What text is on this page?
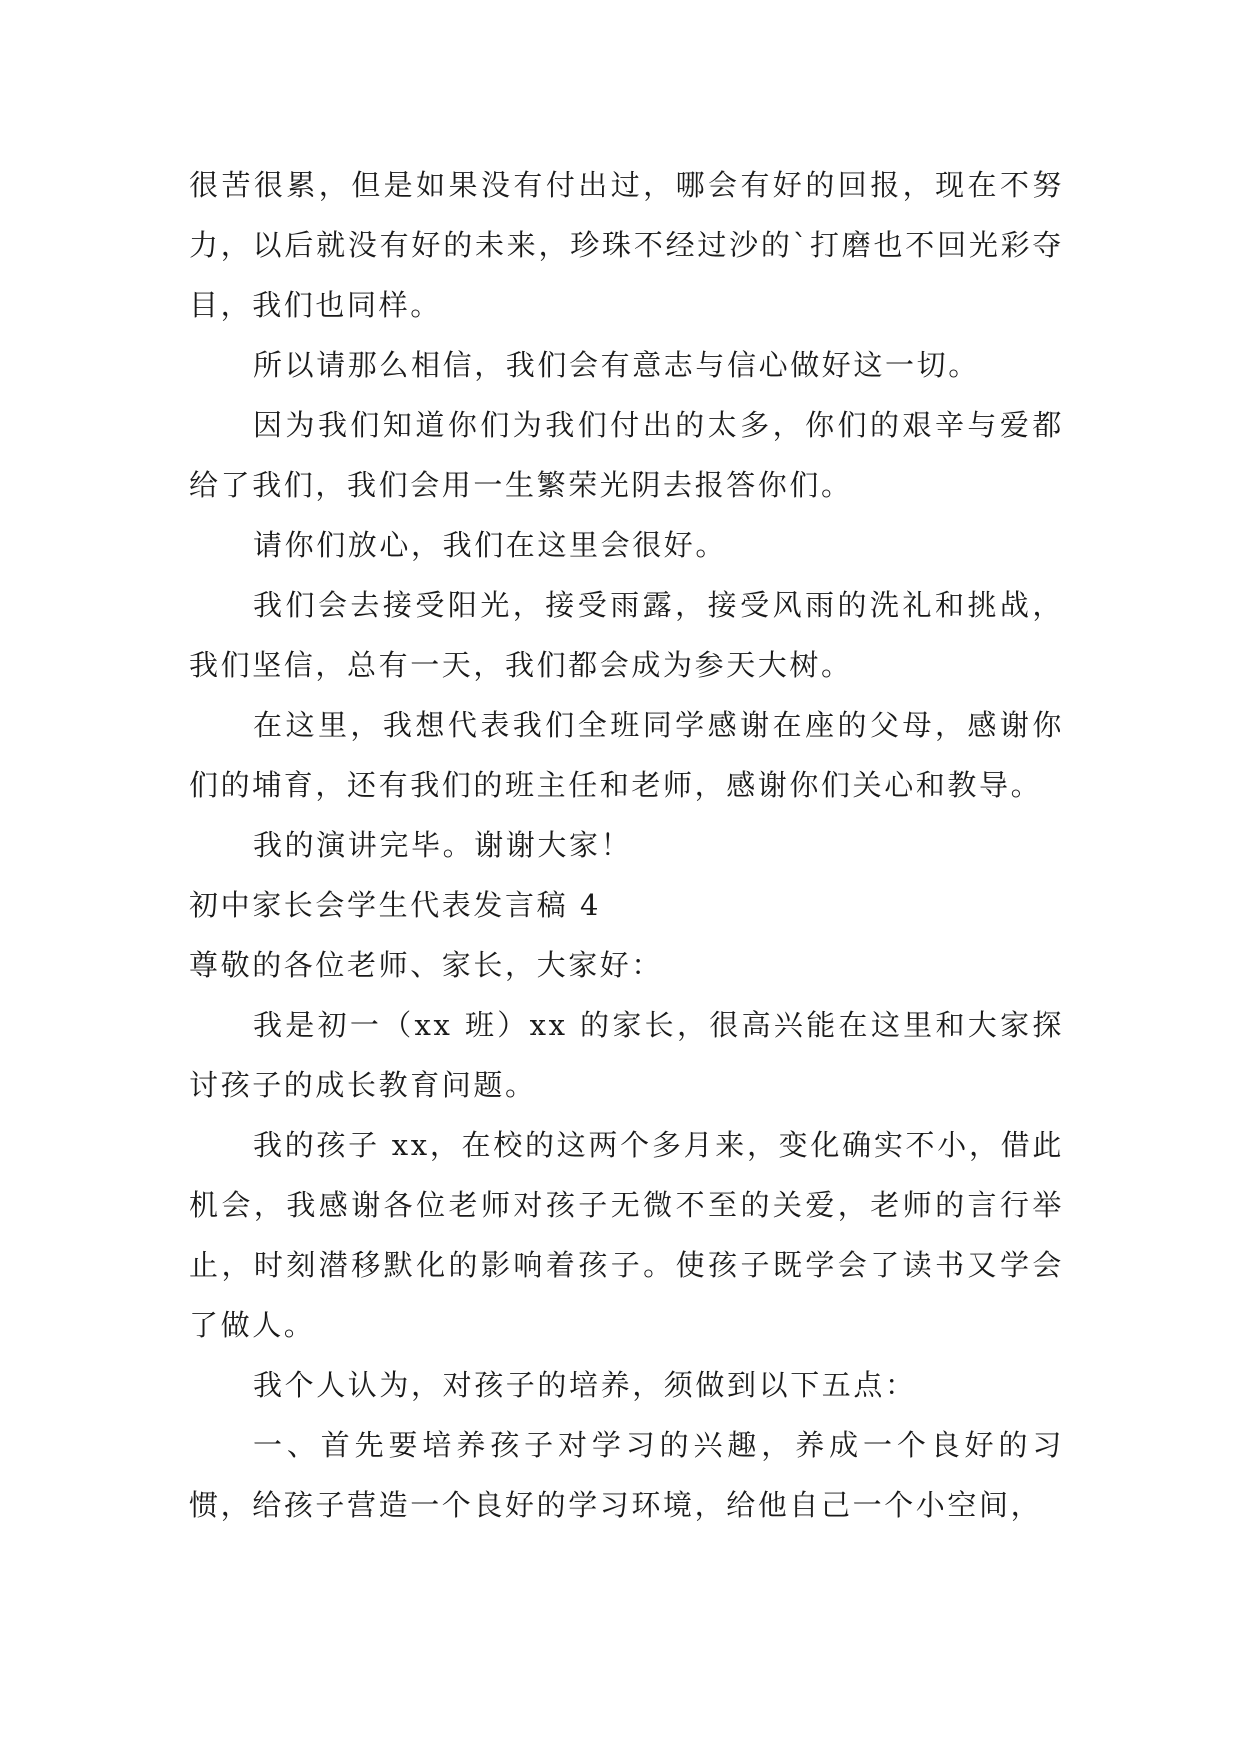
很苦很累，但是如果没有付出过，哪会有好的回报，现在不努力，以后就没有好的未来，珍珠不经过沙的`打磨也不回光彩夺目，我们也同样。

所以请那么相信，我们会有意志与信心做好这一切。

因为我们知道你们为我们付出的太多，你们的艰辛与爱都给了我们，我们会用一生繁荣光阴去报答你们。

请你们放心，我们在这里会很好。

我们会去接受阳光，接受雨露，接受风雨的洗礼和挑战，我们坚信，总有一天，我们都会成为参天大树。

在这里，我想代表我们全班同学感谢在座的父母，感谢你们的埔育，还有我们的班主任和老师，感谢你们关心和教导。

我的演讲完毕。谢谢大家！

初中家长会学生代表发言稿 4

尊敬的各位老师、家长，大家好：

我是初一（xx 班）xx 的家长，很高兴能在这里和大家探讨孩子的成长教育问题。

我的孩子 xx，在校的这两个多月来，变化确实不小，借此机会，我感谢各位老师对孩子无微不至的关爱，老师的言行举止，时刻潜移默化的影响着孩子。使孩子既学会了读书又学会了做人。

我个人认为，对孩子的培养，须做到以下五点：

一、首先要培养孩子对学习的兴趣，养成一个良好的习惯，给孩子营造一个良好的学习环境，给他自己一个小空间，
